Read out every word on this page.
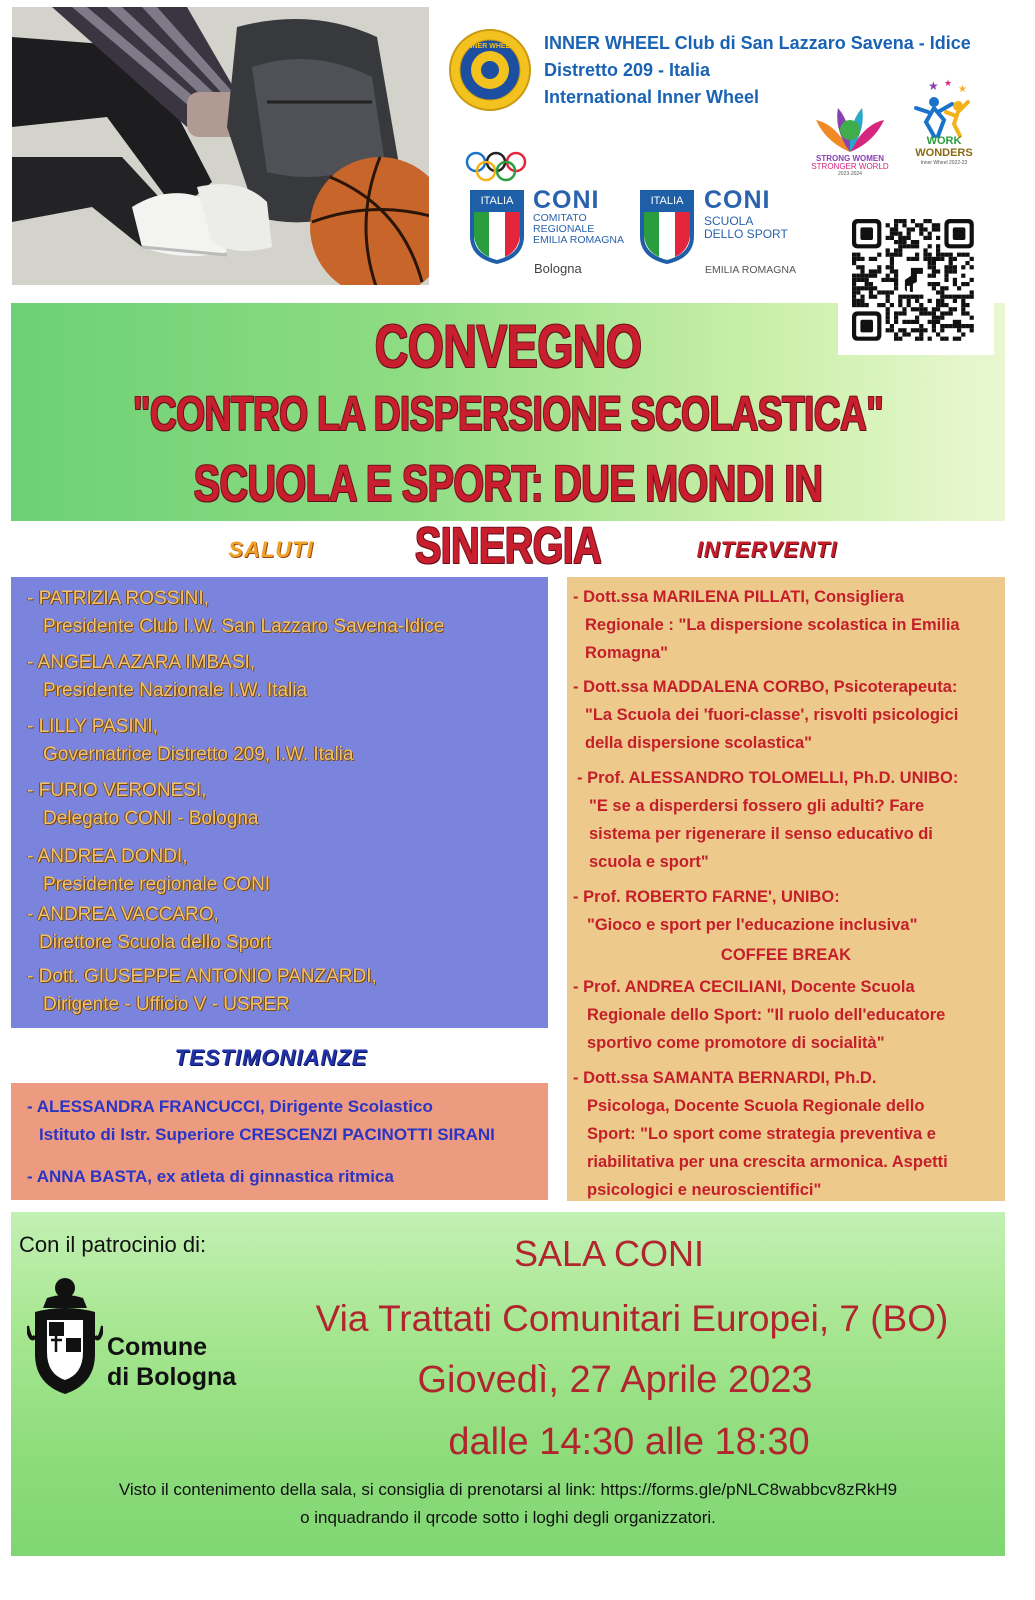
INNER WHEEL INNER WHEEL Club di San Lazzaro Savena - Idice
Distretto 209 - Italia
International Inner Wheel
ITALIA CONI
COMITATO
REGIONALE
EMILIA ROMAGNA
Bologna
ITALIA CONI
SCUOLA
DELLO SPORT
EMILIA ROMAGNA
STRONG WOMEN
STRONGER WORLD
2023-2024
★ ★
★
WORK
WONDERS
Inner Wheel 2022-23
CONVEGNO
"CONTRO LA DISPERSIONE SCOLASTICA"
SCUOLA E SPORT: DUE MONDI IN SINERGIA
SALUTI
- PATRIZIA ROSSINI,
Presidente Club I.W. San Lazzaro Savena-Idice
- ANGELA AZARA IMBASI,
Presidente Nazionale I.W. Italia
- LILLY PASINI,
Governatrice Distretto 209, I.W. Italia
- FURIO VERONESI,
Delegato CONI - Bologna
- ANDREA DONDI,
Presidente regionale CONI
- ANDREA VACCARO,
Direttore Scuola dello Sport
- Dott. GIUSEPPE ANTONIO PANZARDI,
Dirigente - Ufficio V - USRER
TESTIMONIANZE
- ALESSANDRA FRANCUCCI, Dirigente Scolastico
Istituto di Istr. Superiore CRESCENZI PACINOTTI SIRANI
- ANNA BASTA, ex atleta di ginnastica ritmica
INTERVENTI
- Dott.ssa MARILENA PILLATI, Consigliera
Regionale : "La dispersione scolastica in Emilia
Romagna"
- Dott.ssa MADDALENA CORBO, Psicoterapeuta:
"La Scuola dei 'fuori-classe', risvolti psicologici
della dispersione scolastica"
- Prof. ALESSANDRO TOLOMELLI, Ph.D. UNIBO:
"E se a disperdersi fossero gli adulti? Fare
sistema per rigenerare il senso educativo di
scuola e sport"
- Prof. ROBERTO FARNE', UNIBO:
"Gioco e sport per l'educazione inclusiva"
COFFEE BREAK
- Prof. ANDREA CECILIANI, Docente Scuola
Regionale dello Sport: "Il ruolo dell'educatore
sportivo come promotore di socialità"
- Dott.ssa SAMANTA BERNARDI, Ph.D.
Psicologa, Docente Scuola Regionale dello
Sport: "Lo sport come strategia preventiva e
riabilitativa per una crescita armonica. Aspetti
psicologici e neuroscientifici"
Con il patrocinio di:
Comune
di Bologna
SALA CONI
Via Trattati Comunitari Europei, 7 (BO)
Giovedì, 27 Aprile 2023
dalle 14:30 alle 18:30
Visto il contenimento della sala, si consiglia di prenotarsi al link: https://forms.gle/pNLC8wabbcv8zRkH9
o inquadrando il qrcode sotto i loghi degli organizzatori.
